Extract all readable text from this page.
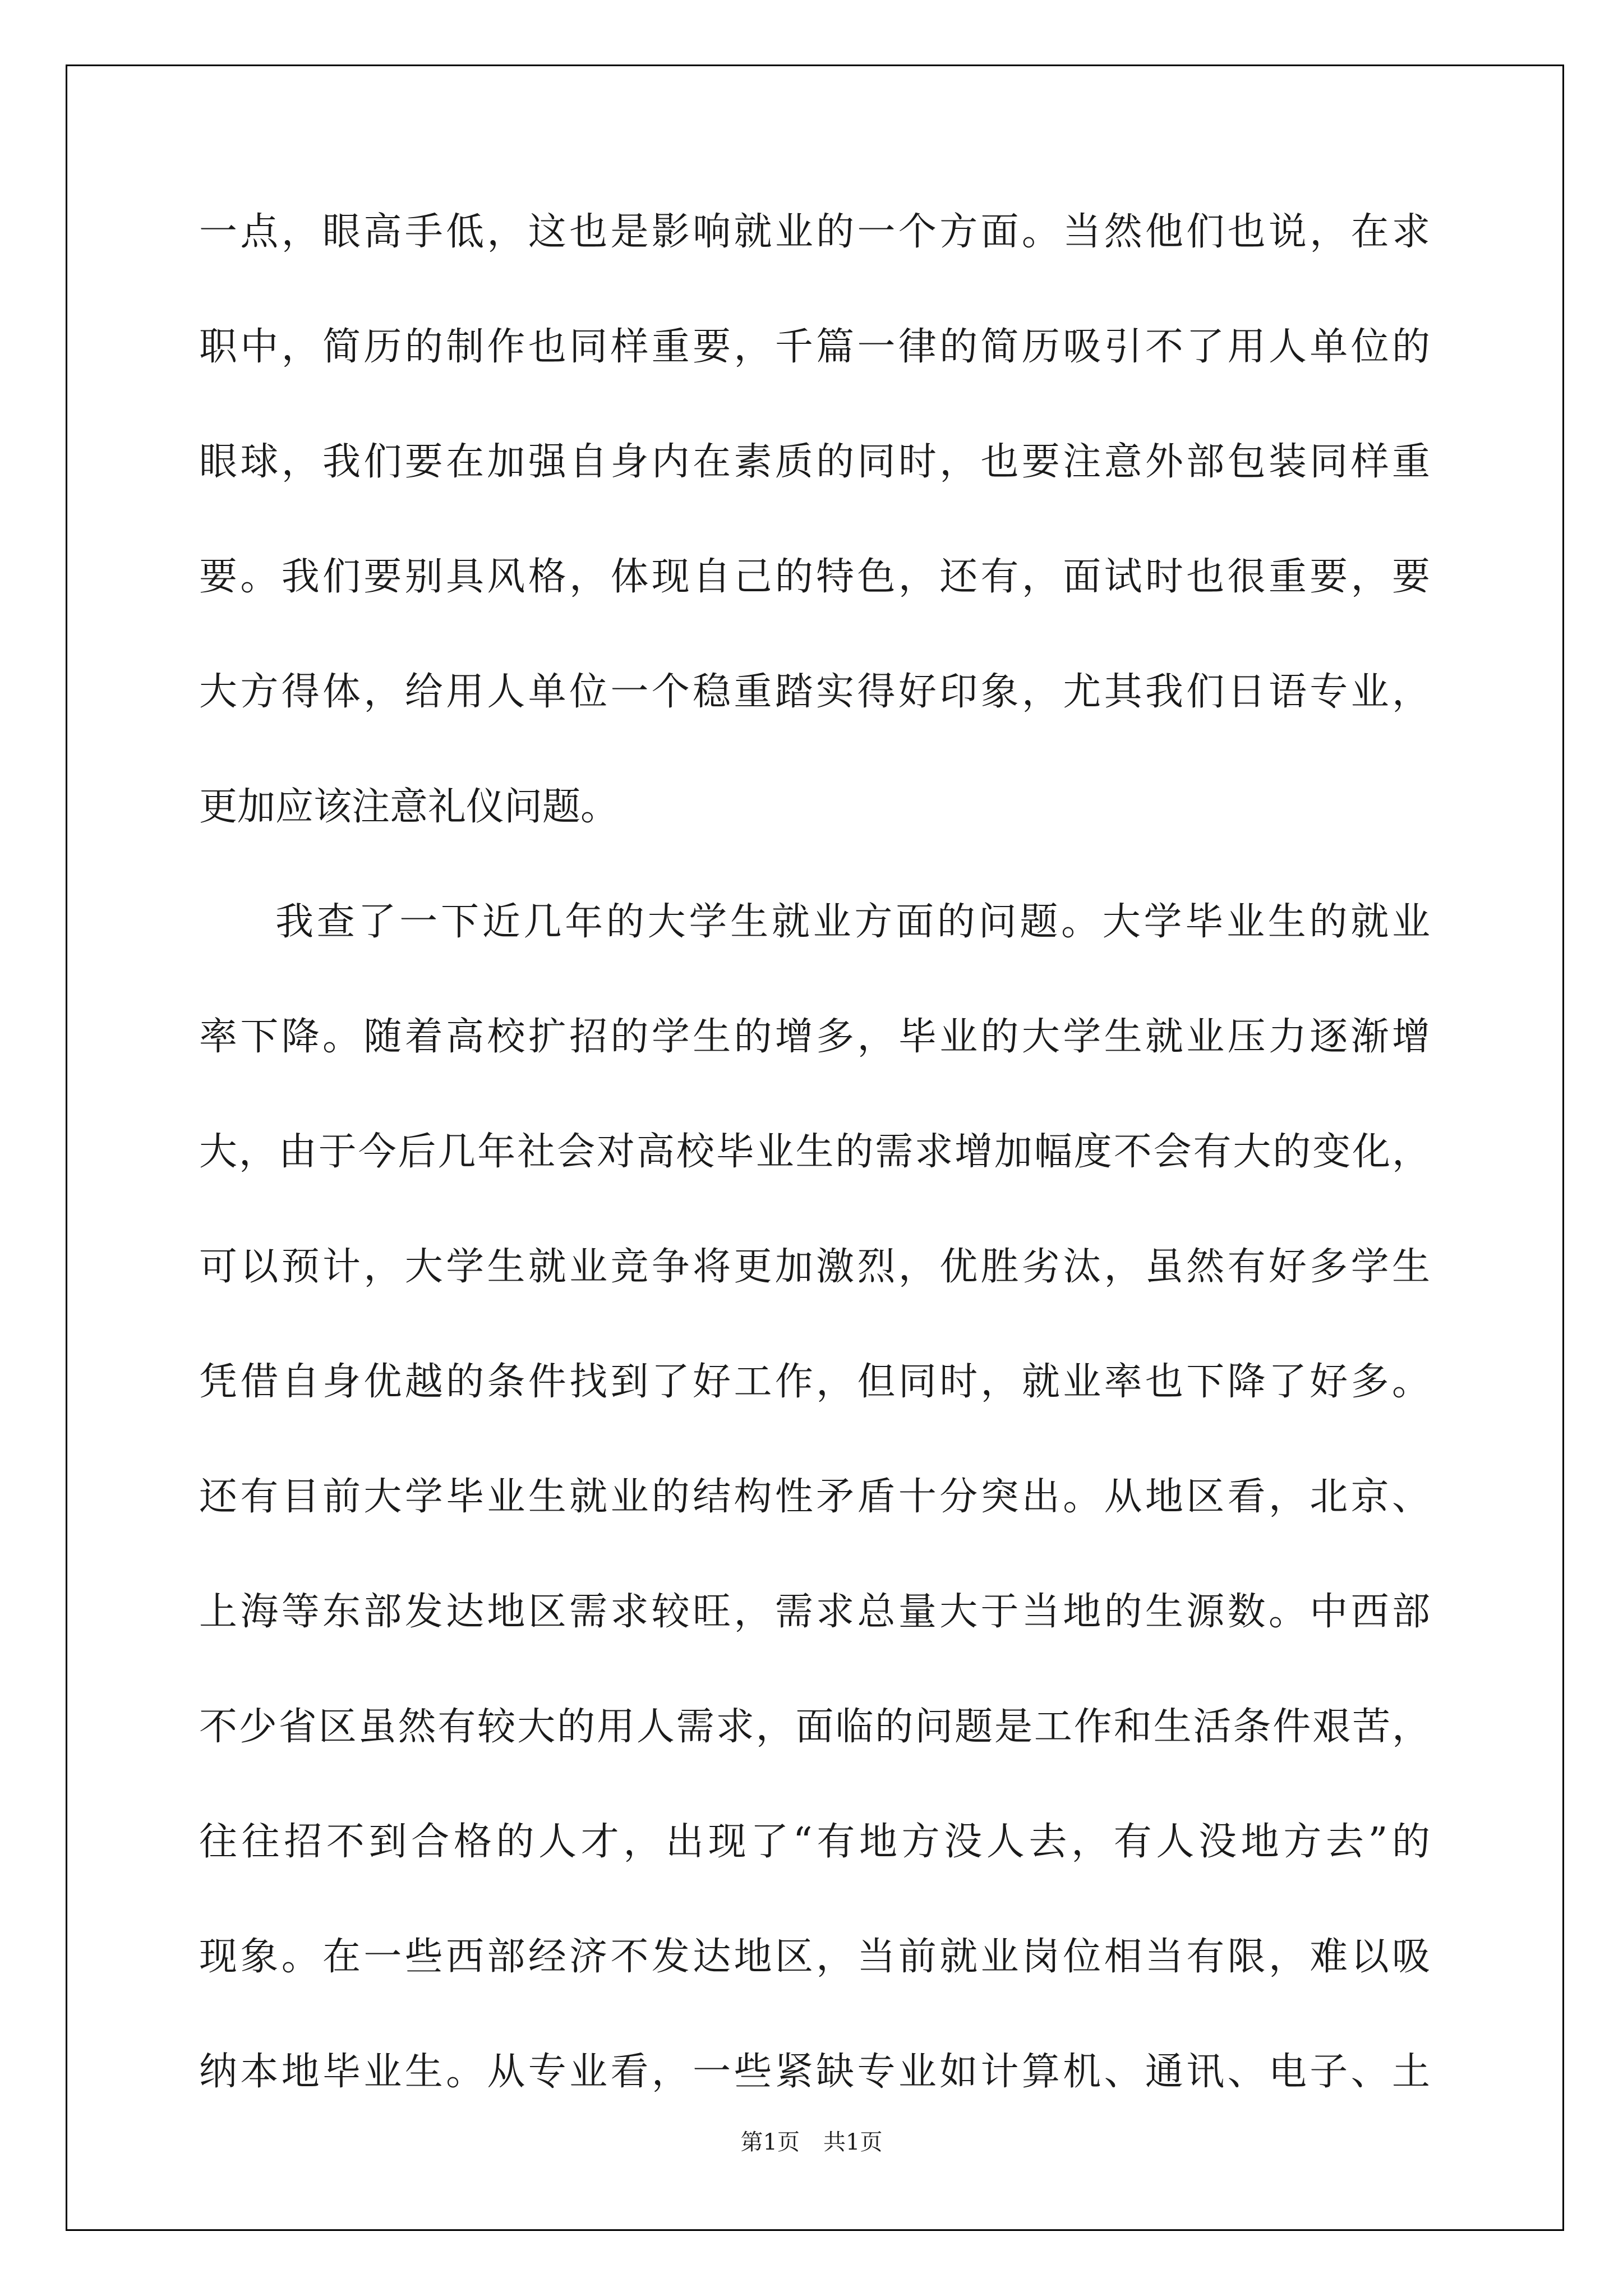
一点，眼高手低，这也是影响就业的一个方面。当然他们也说，在求
职中，简历的制作也同样重要，千篇一律的简历吸引不了用人单位的
眼球，我们要在加强自身内在素质的同时，也要注意外部包装同样重
要。我们要别具风格，体现自己的特色，还有，面试时也很重要，要
大方得体，给用人单位一个稳重踏实得好印象，尤其我们日语专业，
更加应该注意礼仪问题。
我查了一下近几年的大学生就业方面的问题。大学毕业生的就业
率下降。随着高校扩招的学生的增多，毕业的大学生就业压力逐渐增
大，由于今后几年社会对高校毕业生的需求增加幅度不会有大的变化，
可以预计，大学生就业竞争将更加激烈，优胜劣汰，虽然有好多学生
凭借自身优越的条件找到了好工作，但同时，就业率也下降了好多。
还有目前大学毕业生就业的结构性矛盾十分突出。从地区看，北京、
上海等东部发达地区需求较旺，需求总量大于当地的生源数。中西部
不少省区虽然有较大的用人需求，面临的问题是工作和生活条件艰苦，
往往招不到合格的人才，出现了“有地方没人去，有人没地方去”的
现象。在一些西部经济不发达地区，当前就业岗位相当有限，难以吸
纳本地毕业生。从专业看，一些紧缺专业如计算机、通讯、电子、土
第1页 共1页
